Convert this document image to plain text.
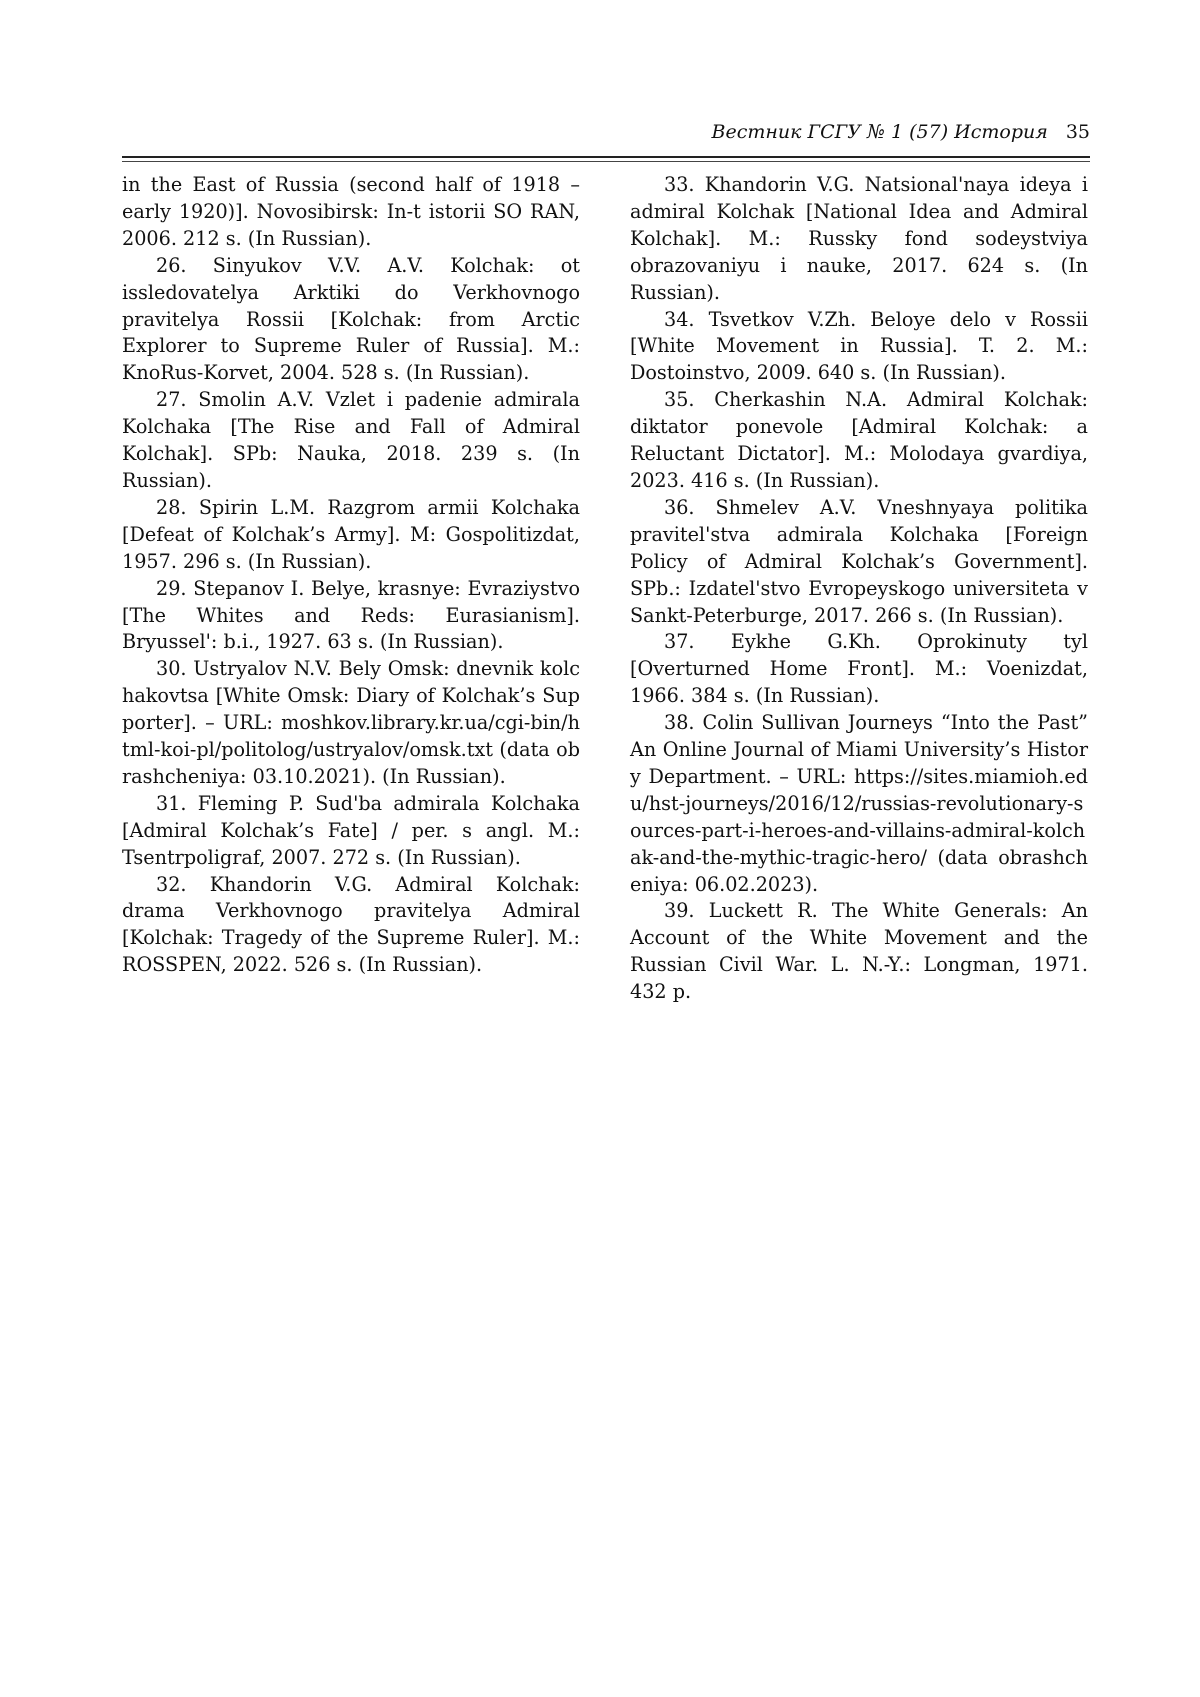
Вестник ГСГУ № 1 (57) История 35

in the East of Russia (second half of 1918 – early 1920)]. Novosibirsk: In-t istorii SO RAN, 2006. 212 s. (In Russian).

26. Sinyukov V.V. A.V. Kolchak: ot issledovatelya Arktiki do Verkhovnogo pravitelya Rossii [Kolchak: from Arctic Explorer to Supreme Ruler of Russia]. M.: KnoRus-Korvet, 2004. 528 s. (In Russian).

27. Smolin A.V. Vzlet i padenie admirala Kolchaka [The Rise and Fall of Admiral Kolchak]. SPb: Nauka, 2018. 239 s. (In Russian).

28. Spirin L.M. Razgrom armii Kolchaka [Defeat of Kolchak’s Army]. M: Gospolitizdat, 1957. 296 s. (In Russian).

29. Stepanov I. Belye, krasnye: Evraziystvo [The Whites and Reds: Eurasianism]. Bryussel': b.i., 1927. 63 s. (In Russian).

30. Ustryalov N.V. Bely Omsk: dnevnik kolchakovtsa [White Omsk: Diary of Kolchak’s Supporter]. – URL: moshkov.library.kr.ua/cgi-bin/html-koi-pl/politolog/ustryalov/omsk.txt (data obrashcheniya: 03.10.2021). (In Russian).

31. Fleming P. Sud'ba admirala Kolchaka [Admiral Kolchak’s Fate] / per. s angl. M.: Tsentrpoligraf, 2007. 272 s. (In Russian).

32. Khandorin V.G. Admiral Kolchak: drama Verkhovnogo pravitelya Admiral [Kolchak: Tragedy of the Supreme Ruler]. M.: ROSSPEN, 2022. 526 s. (In Russian).

33. Khandorin V.G. Natsional'naya ideya i admiral Kolchak [National Idea and Admiral Kolchak]. M.: Russky fond sodeystviya obrazovaniyu i nauke, 2017. 624 s. (In Russian).

34. Tsvetkov V.Zh. Beloye delo v Rossii [White Movement in Russia]. T. 2. M.: Dostoinstvo, 2009. 640 s. (In Russian).

35. Cherkashin N.A. Admiral Kolchak: diktator ponevole [Admiral Kolchak: a Reluctant Dictator]. M.: Molodaya gvardiya, 2023. 416 s. (In Russian).

36. Shmelev A.V. Vneshnyaya politika pravitel'stva admirala Kolchaka [Foreign Policy of Admiral Kolchak’s Government]. SPb.: Izdatel'stvo Evropeyskogo universiteta v Sankt-Peterburge, 2017. 266 s. (In Russian).

37. Eykhe G.Kh. Oprokinuty tyl [Overturned Home Front]. M.: Voenizdat, 1966. 384 s. (In Russian).

38. Colin Sullivan Journeys “Into the Past” An Online Journal of Miami University’s History Department. – URL: https://sites.miamioh.edu/hst-journeys/2016/12/russias-revolutionary-sources-part-i-heroes-and-villains-admiral-kolchak-and-the-mythic-tragic-hero/ (data obrashcheniya: 06.02.2023).

39. Luckett R. The White Generals: An Account of the White Movement and the Russian Civil War. L. N.-Y.: Longman, 1971. 432 p.
